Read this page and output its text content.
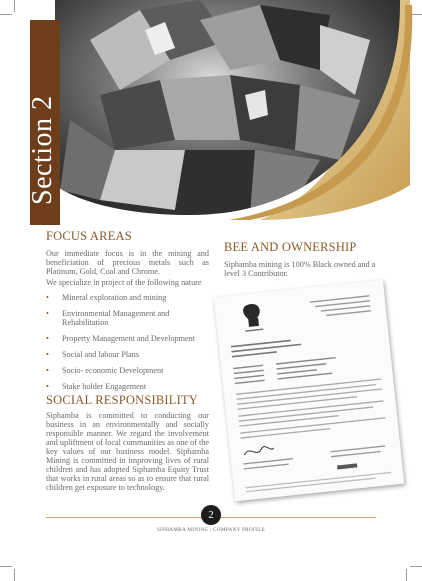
Section 2
FOCUS AREAS

Our immediate focus is in the mining and beneficiation of precious metals such as Platinum, Gold, Coal and Chrome.

We specialize in project of the following nature

• Mineral exploration and mining
• Environmental Management and Rehabilitation
• Property Management and Development
• Social and labour Plans
• Socio- economic Development
• Stake holder Engagement
SOCIAL RESPONSIBILITY

Siphamba is committed to conducting our business in an environmentally and socially responsible manner. We regard the involvement and upliftment of local communities as one of the key values of our business model. Siphamba Mining is committed in improving lives of rural children and has adopted Siphamba Equity Trust that works in rural areas so as to ensure that rural children get exposure to technology.

BEE AND OWNERSHIP

Siphamba mining is 100% Black owned and a level 3 Contributor.

2
SIPHAMBA MINING | COMPANY PROFILE
